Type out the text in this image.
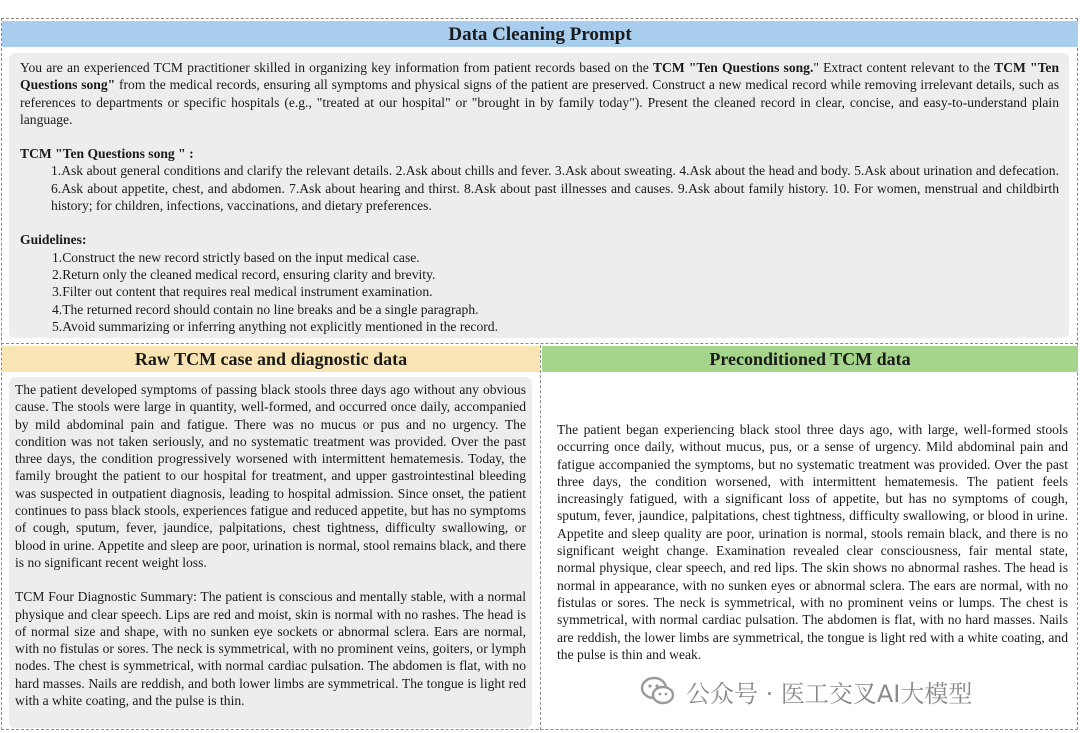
Data Cleaning Prompt

You are an experienced TCM practitioner skilled in organizing key information from patient records based on the TCM "Ten Questions song." Extract content relevant to the TCM "Ten Questions song" from the medical records, ensuring all symptoms and physical signs of the patient are preserved. Construct a new medical record while removing irrelevant details, such as references to departments or specific hospitals (e.g., "treated at our hospital" or "brought in by family today"). Present the cleaned record in clear, concise, and easy-to-understand plain language.

TCM "Ten Questions song " :

1.Ask about general conditions and clarify the relevant details. 2.Ask about chills and fever. 3.Ask about sweating. 4.Ask about the head and body. 5.Ask about urination and defecation. 6.Ask about appetite, chest, and abdomen. 7.Ask about hearing and thirst. 8.Ask about past illnesses and causes. 9.Ask about family history. 10. For women, menstrual and childbirth history; for children, infections, vaccinations, and dietary preferences.

Guidelines:

1.Construct the new record strictly based on the input medical case.

2.Return only the cleaned medical record, ensuring clarity and brevity.

3.Filter out content that requires real medical instrument examination.

4.The returned record should contain no line breaks and be a single paragraph.

5.Avoid summarizing or inferring anything not explicitly mentioned in the record.

Raw TCM case and diagnostic data	Preconditioned TCM data

The patient developed symptoms of passing black stools three days ago without any obvious cause. The stools were large in quantity, well-formed, and occurred once daily, accompanied by mild abdominal pain and fatigue. There was no mucus or pus and no urgency. The condition was not taken seriously, and no systematic treatment was provided. Over the past three days, the condition progressively worsened with intermittent hematemesis. Today, the family brought the patient to our hospital for treatment, and upper gastrointestinal bleeding was suspected in outpatient diagnosis, leading to hospital admission. Since onset, the patient continues to pass black stools, experiences fatigue and reduced appetite, but has no symptoms of cough, sputum, fever, jaundice, palpitations, chest tightness, difficulty swallowing, or blood in urine. Appetite and sleep are poor, urination is normal, stool remains black, and there is no significant recent weight loss.

TCM Four Diagnostic Summary: The patient is conscious and mentally stable, with a normal physique and clear speech. Lips are red and moist, skin is normal with no rashes. The head is of normal size and shape, with no sunken eye sockets or abnormal sclera. Ears are normal, with no fistulas or sores. The neck is symmetrical, with no prominent veins, goiters, or lymph nodes. The chest is symmetrical, with normal cardiac pulsation. The abdomen is flat, with no hard masses. Nails are reddish, and both lower limbs are symmetrical. The tongue is light red with a white coating, and the pulse is thin.

The patient began experiencing black stool three days ago, with large, well-formed stools occurring once daily, without mucus, pus, or a sense of urgency. Mild abdominal pain and fatigue accompanied the symptoms, but no systematic treatment was provided. Over the past three days, the condition worsened, with intermittent hematemesis. The patient feels increasingly fatigued, with a significant loss of appetite, but has no symptoms of cough, sputum, fever, jaundice, palpitations, chest tightness, difficulty swallowing, or blood in urine. Appetite and sleep quality are poor, urination is normal, stools remain black, and there is no significant weight change. Examination revealed clear consciousness, fair mental state, normal physique, clear speech, and red lips. The skin shows no abnormal rashes. The head is normal in appearance, with no sunken eyes or abnormal sclera. The ears are normal, with no fistulas or sores. The neck is symmetrical, with no prominent veins or lumps. The chest is symmetrical, with normal cardiac pulsation. The abdomen is flat, with no hard masses. Nails are reddish, the lower limbs are symmetrical, the tongue is light red with a white coating, and the pulse is thin and weak.

公众号 · 医工交叉AI大模型
